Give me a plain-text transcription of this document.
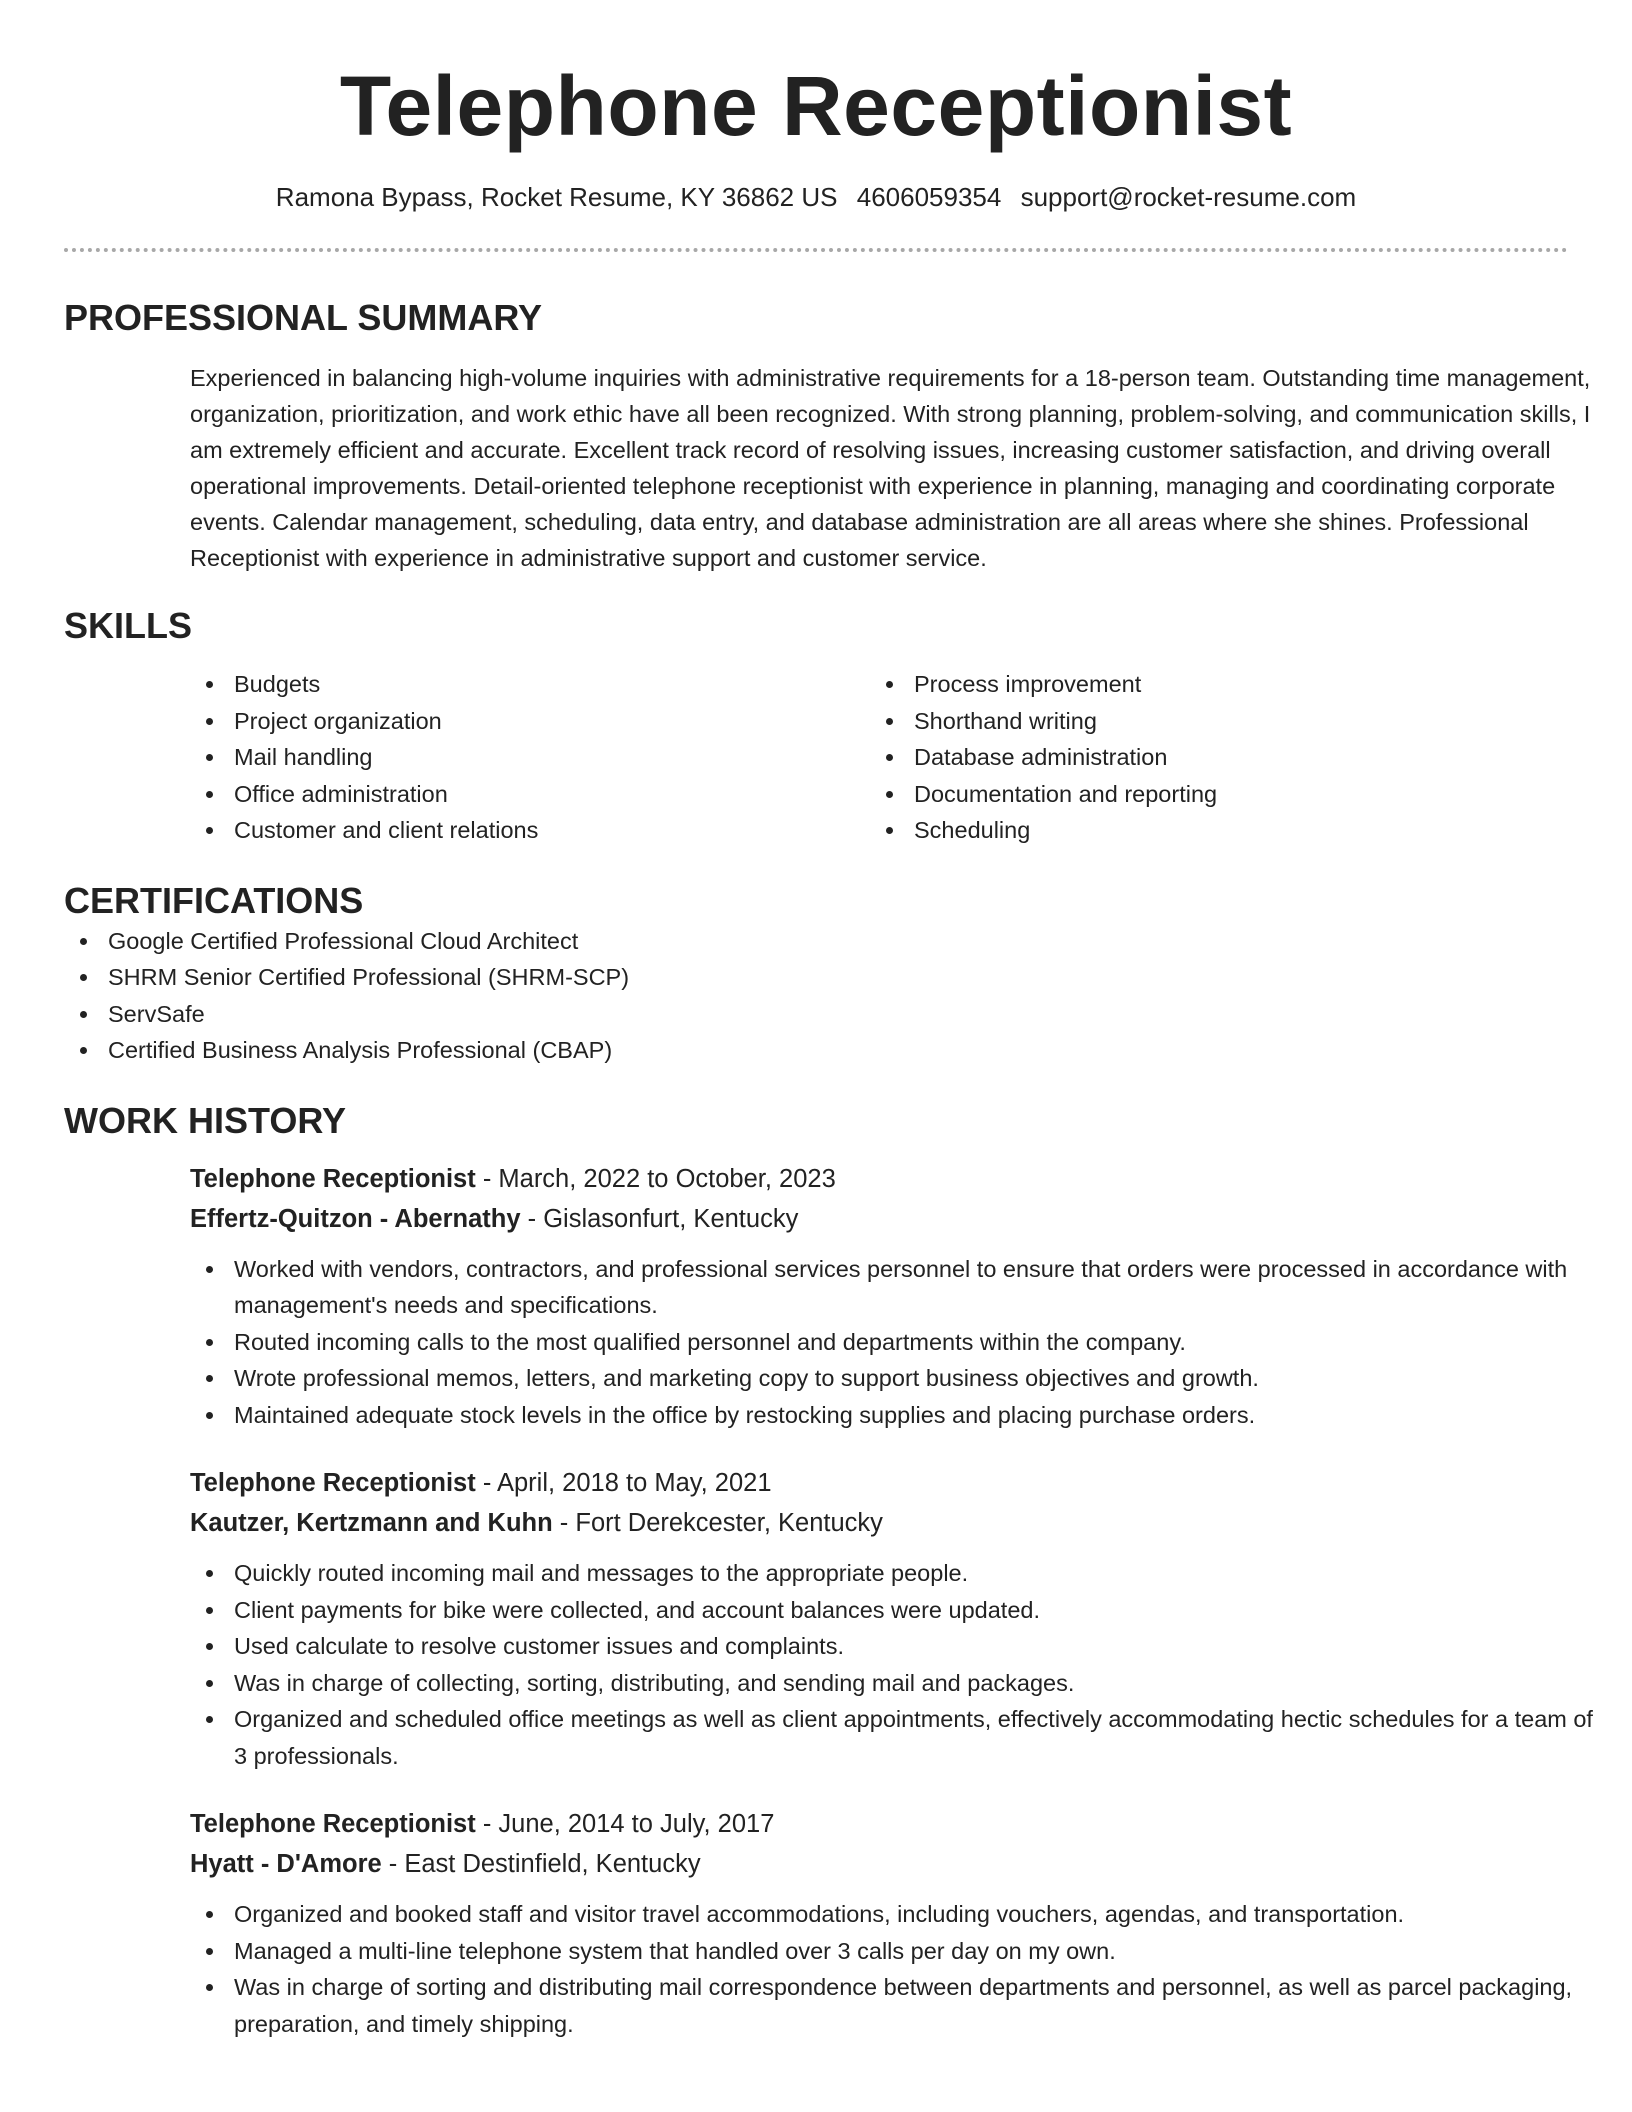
Telephone Receptionist
Ramona Bypass, Rocket Resume, KY 36862 US 4606059354 support@rocket-resume.com
PROFESSIONAL SUMMARY

Experienced in balancing high-volume inquiries with administrative requirements for a 18-person team. Outstanding time management, organization, prioritization, and work ethic have all been recognized. With strong planning, problem-solving, and communication skills, I am extremely efficient and accurate. Excellent track record of resolving issues, increasing customer satisfaction, and driving overall operational improvements. Detail-oriented telephone receptionist with experience in planning, managing and coordinating corporate events. Calendar management, scheduling, data entry, and database administration are all areas where she shines. Professional Receptionist with experience in administrative support and customer service.

SKILLS
Budgets
Project organization
Mail handling
Office administration
Customer and client relations
Process improvement
Shorthand writing
Database administration
Documentation and reporting
Scheduling
CERTIFICATIONS
Google Certified Professional Cloud Architect
SHRM Senior Certified Professional (SHRM-SCP)
ServSafe
Certified Business Analysis Professional (CBAP)
WORK HISTORY
Telephone Receptionist - March, 2022 to October, 2023
Effertz-Quitzon - Abernathy - Gislasonfurt, Kentucky
Worked with vendors, contractors, and professional services personnel to ensure that orders were processed in accordance with management's needs and specifications.
Routed incoming calls to the most qualified personnel and departments within the company.
Wrote professional memos, letters, and marketing copy to support business objectives and growth.
Maintained adequate stock levels in the office by restocking supplies and placing purchase orders.
Telephone Receptionist - April, 2018 to May, 2021
Kautzer, Kertzmann and Kuhn - Fort Derekcester, Kentucky
Quickly routed incoming mail and messages to the appropriate people.
Client payments for bike were collected, and account balances were updated.
Used calculate to resolve customer issues and complaints.
Was in charge of collecting, sorting, distributing, and sending mail and packages.
Organized and scheduled office meetings as well as client appointments, effectively accommodating hectic schedules for a team of 3 professionals.
Telephone Receptionist - June, 2014 to July, 2017
Hyatt - D'Amore - East Destinfield, Kentucky
Organized and booked staff and visitor travel accommodations, including vouchers, agendas, and transportation.
Managed a multi-line telephone system that handled over 3 calls per day on my own.
Was in charge of sorting and distributing mail correspondence between departments and personnel, as well as parcel packaging, preparation, and timely shipping.
